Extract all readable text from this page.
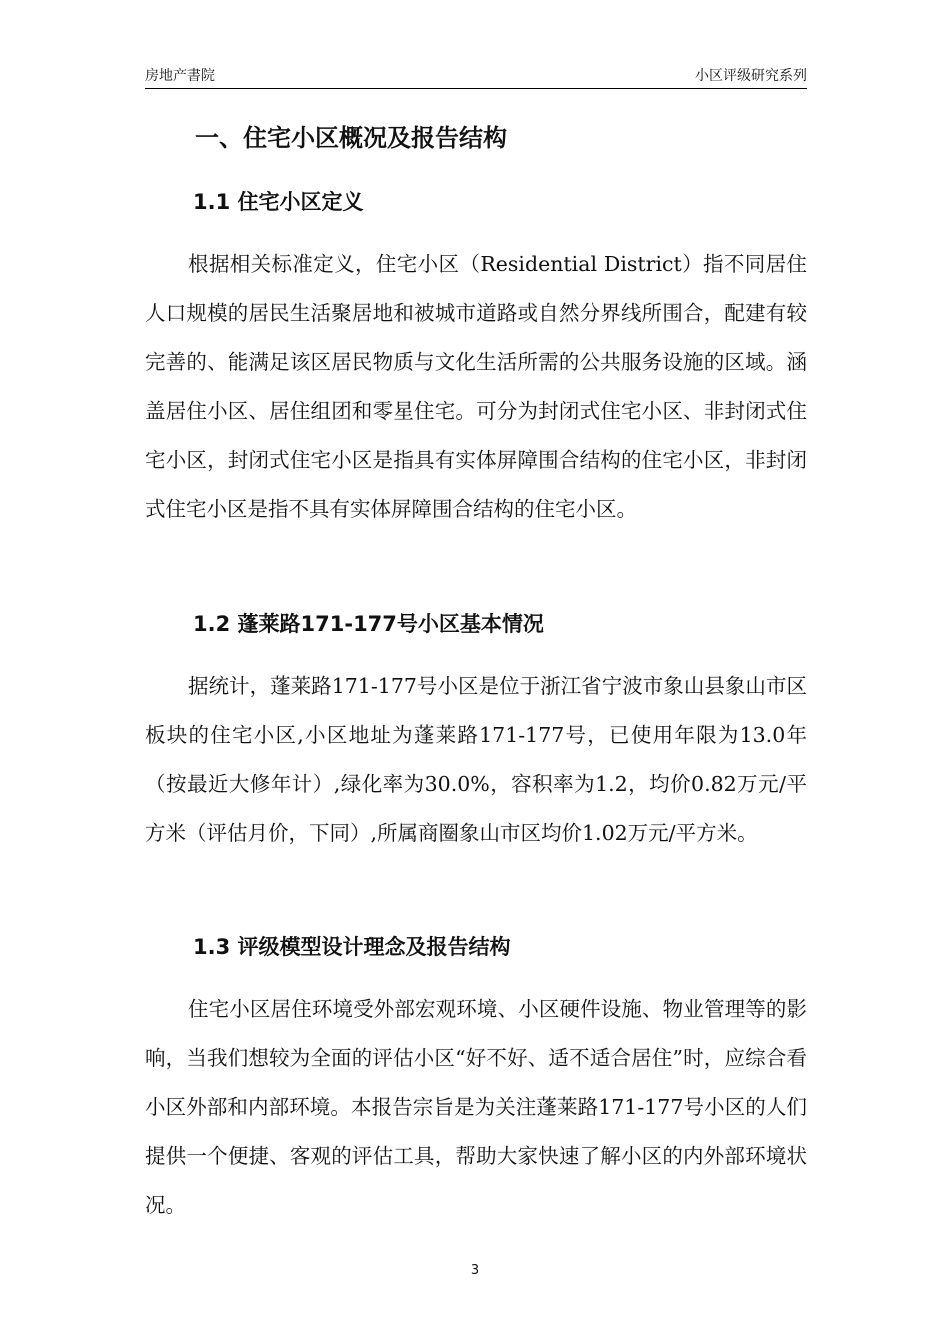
房地产書院	小区评级研究系列
一、住宅小区概况及报告结构
1.1 住宅小区定义
根据相关标准定义，住宅小区（Residential District）指不同居住人口规模的居民生活聚居地和被城市道路或自然分界线所围合，配建有较完善的、能满足该区居民物质与文化生活所需的公共服务设施的区域。涵盖居住小区、居住组团和零星住宅。可分为封闭式住宅小区、非封闭式住宅小区，封闭式住宅小区是指具有实体屏障围合结构的住宅小区，非封闭式住宅小区是指不具有实体屏障围合结构的住宅小区。
1.2 蓬莱路171-177号小区基本情况
据统计，蓬莱路171-177号小区是位于浙江省宁波市象山县象山市区板块的住宅小区,小区地址为蓬莱路171-177号，已使用年限为13.0年（按最近大修年计）,绿化率为30.0%，容积率为1.2，均价0.82万元/平方米（评估月价，下同）,所属商圈象山市区均价1.02万元/平方米。
1.3 评级模型设计理念及报告结构
住宅小区居住环境受外部宏观环境、小区硬件设施、物业管理等的影响，当我们想较为全面的评估小区“好不好、适不适合居住”时，应综合看小区外部和内部环境。本报告宗旨是为关注蓬莱路171-177号小区的人们提供一个便捷、客观的评估工具，帮助大家快速了解小区的内外部环境状况。
3
